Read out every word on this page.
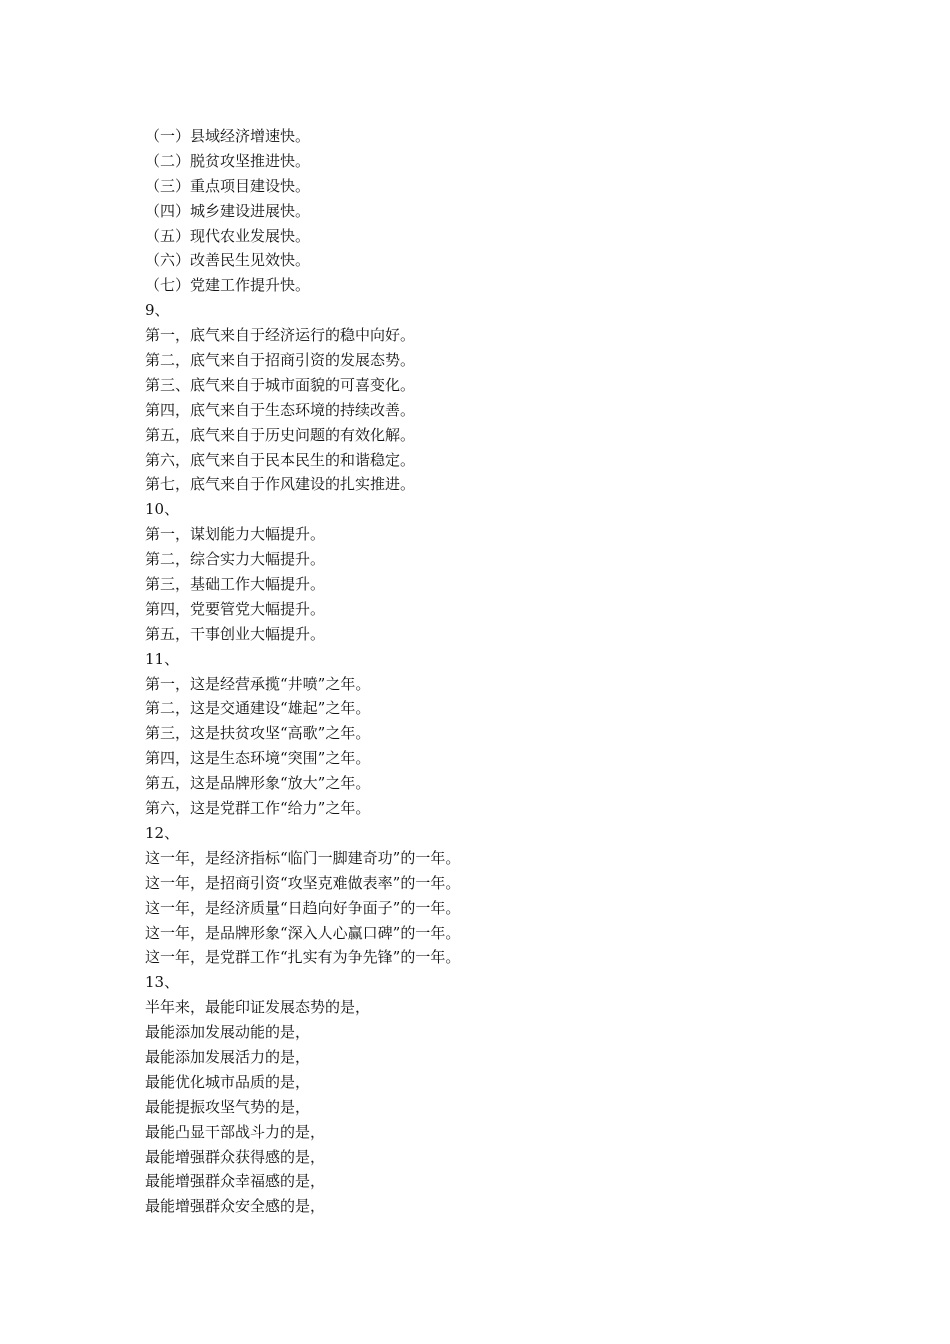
（一）县域经济增速快。
（二）脱贫攻坚推进快。
（三）重点项目建设快。
（四）城乡建设进展快。
（五）现代农业发展快。
（六）改善民生见效快。
（七）党建工作提升快。
9、
第一，底气来自于经济运行的稳中向好。
第二，底气来自于招商引资的发展态势。
第三、底气来自于城市面貌的可喜变化。
第四，底气来自于生态环境的持续改善。
第五，底气来自于历史问题的有效化解。
第六，底气来自于民本民生的和谐稳定。
第七，底气来自于作风建设的扎实推进。
10、
第一，谋划能力大幅提升。
第二，综合实力大幅提升。
第三，基础工作大幅提升。
第四，党要管党大幅提升。
第五，干事创业大幅提升。
11、
第一，这是经营承揽“井喷”之年。
第二，这是交通建设“雄起”之年。
第三，这是扶贫攻坚“高歌”之年。
第四，这是生态环境“突围”之年。
第五，这是品牌形象“放大”之年。
第六，这是党群工作“给力”之年。
12、
这一年，是经济指标“临门一脚建奇功”的一年。
这一年，是招商引资“攻坚克难做表率”的一年。
这一年，是经济质量“日趋向好争面子”的一年。
这一年，是品牌形象“深入人心赢口碑”的一年。
这一年，是党群工作“扎实有为争先锋”的一年。
13、
半年来，最能印证发展态势的是，
最能添加发展动能的是，
最能添加发展活力的是，
最能优化城市品质的是，
最能提振攻坚气势的是，
最能凸显干部战斗力的是，
最能增强群众获得感的是，
最能增强群众幸福感的是，
最能增强群众安全感的是，
